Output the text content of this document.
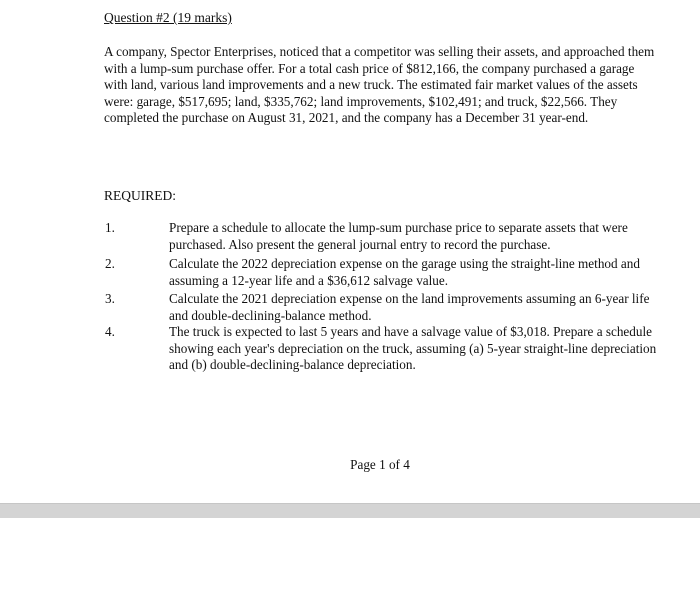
Question #2 (19 marks)

A company, Spector Enterprises, noticed that a competitor was selling their assets, and approached them
with a lump-sum purchase offer. For a total cash price of $812,166, the company purchased a garage
with land, various land improvements and a new truck. The estimated fair market values of the assets
were: garage, $517,695; land, $335,762; land improvements, $102,491; and truck, $22,566. They
completed the purchase on August 31, 2021, and the company has a December 31 year-end.

REQUIRED:
1.	Prepare a schedule to allocate the lump-sum purchase price to separate assets that were
purchased. Also present the general journal entry to record the purchase.
2.	Calculate the 2022 depreciation expense on the garage using the straight-line method and
assuming a 12-year life and a $36,612 salvage value.
3.	Calculate the 2021 depreciation expense on the land improvements assuming an 6-year life
and double-declining-balance method.
4.	The truck is expected to last 5 years and have a salvage value of $3,018. Prepare a schedule
showing each year's depreciation on the truck, assuming (a) 5-year straight-line depreciation
and (b) double-declining-balance depreciation.
Page 1 of 4
